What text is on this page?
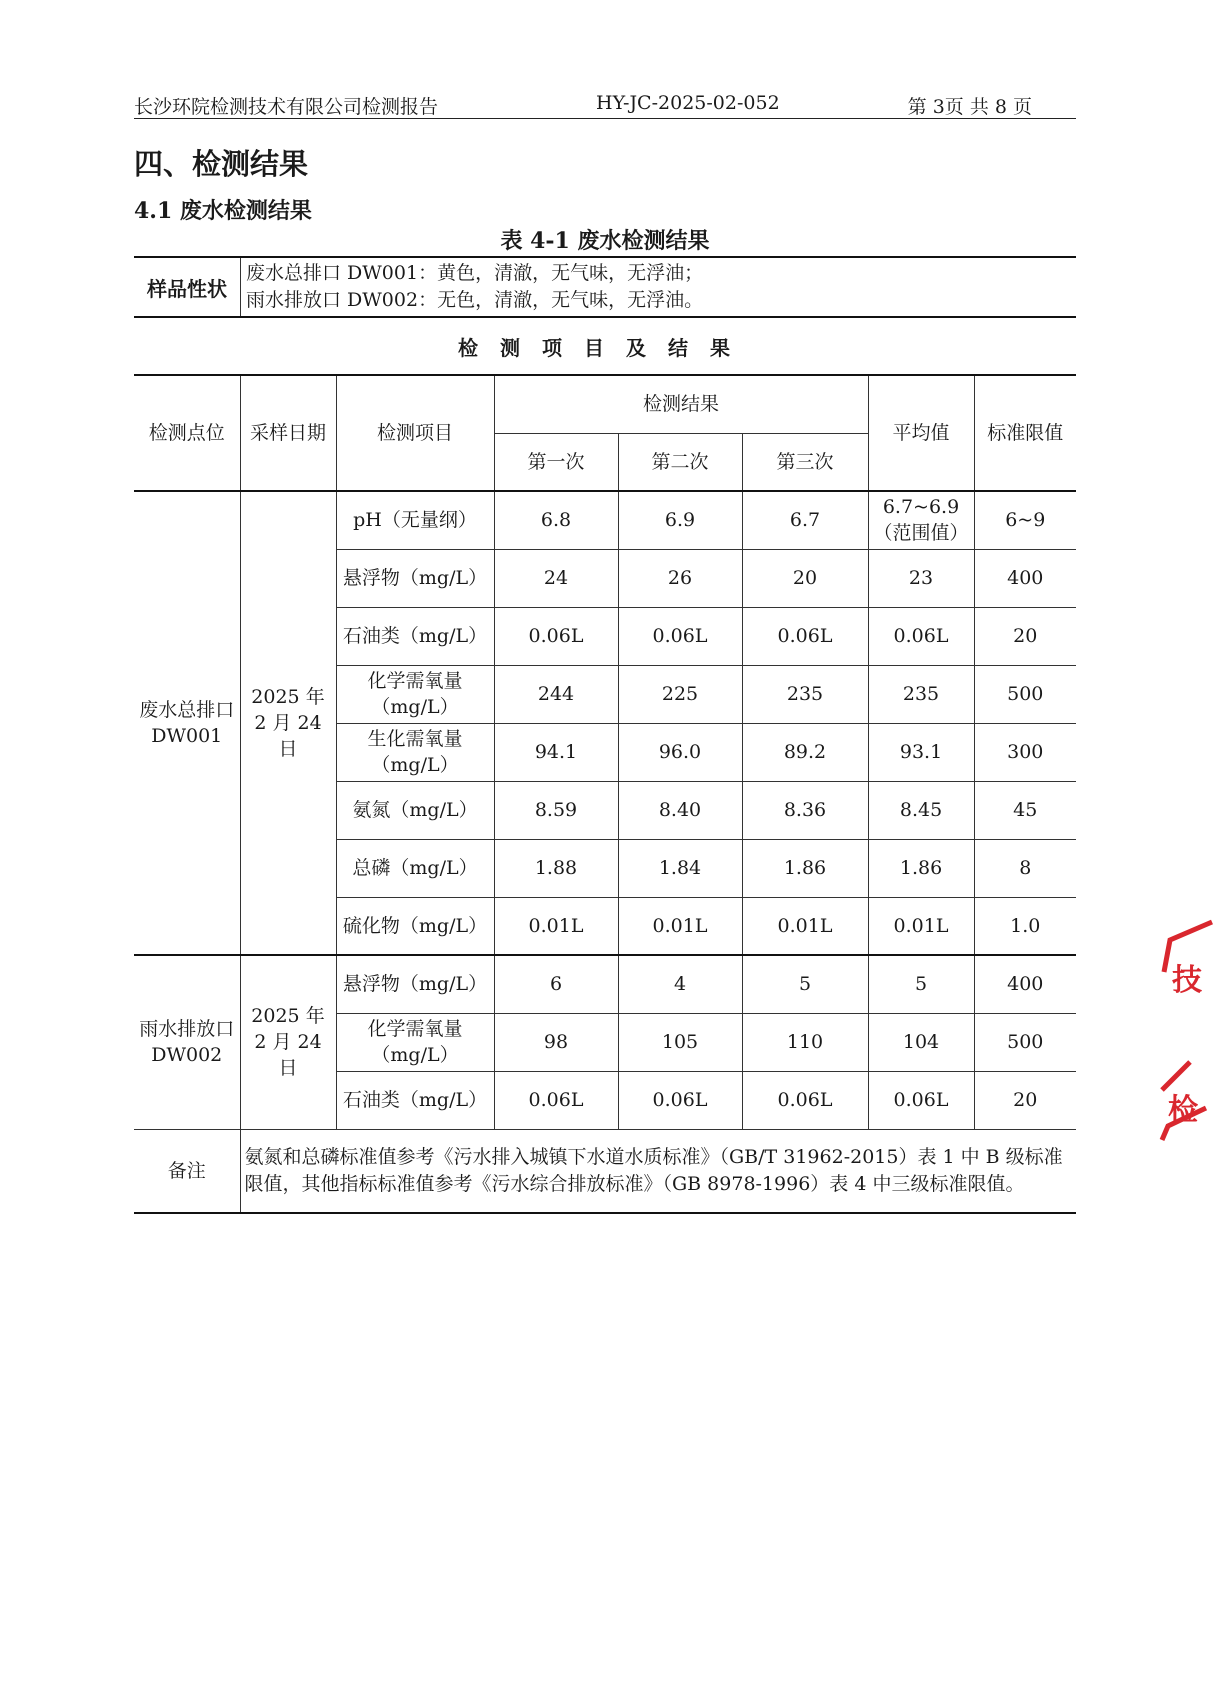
长沙环院检测技术有限公司检测报告	HY-JC-2025-02-052	第 3页 共 8 页
四、检测结果
4.1 废水检测结果
表 4-1 废水检测结果
样品性状
废水总排口 DW001：黄色，清澈，无气味，无浮油；
雨水排放口 DW002：无色，清澈，无气味，无浮油。
检测项目及结果
检测点位	采样日期	检测项目	检测结果			平均值	标准限值
			第一次	第二次	第三次		
废水总排口 DW001	2025 年 2 月 24 日	pH（无量纲）	6.8	6.9	6.7	6.7~6.9（范围值）	6~9
		悬浮物（mg/L）	24	26	20	23	400
		石油类（mg/L）	0.06L	0.06L	0.06L	0.06L	20
		化学需氧量（mg/L）	244	225	235	235	500
		生化需氧量（mg/L）	94.1	96.0	89.2	93.1	300
		氨氮（mg/L）	8.59	8.40	8.36	8.45	45
		总磷（mg/L）	1.88	1.84	1.86	1.86	8
		硫化物（mg/L）	0.01L	0.01L	0.01L	0.01L	1.0
雨水排放口 DW002	2025 年 2 月 24 日	悬浮物（mg/L）	6	4	5	5	400
		化学需氧量（mg/L）	98	105	110	104	500
		石油类（mg/L）	0.06L	0.06L	0.06L	0.06L	20
备注	氨氮和总磷标准值参考《污水排入城镇下水道水质标准》（GB/T 31962-2015）表 1 中 B 级标准限值，其他指标标准值参考《污水综合排放标准》（GB 8978-1996）表 4 中三级标准限值。						
技
检
